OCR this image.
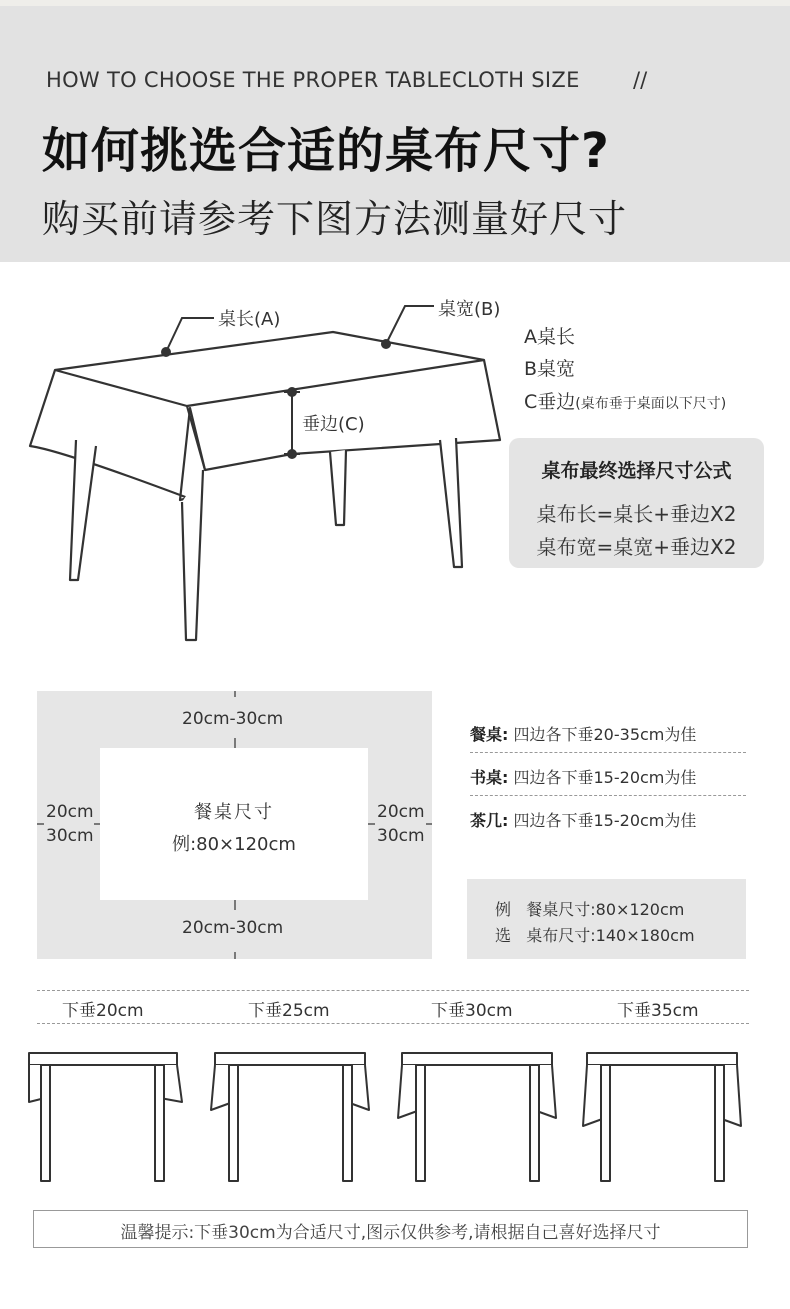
HOW TO CHOOSE THE PROPER TABLECLOTH SIZE	//
如何挑选合适的桌布尺寸?
购买前请参考下图方法测量好尺寸
桌长(A)	桌宽(B)
垂边(C)
A桌长
B桌宽
C垂边(桌布垂于桌面以下尺寸)
桌布最终选择尺寸公式
桌布长=桌长+垂边X2
桌布宽=桌宽+垂边X2
20cm-30cm
20cm-30cm
20cm
30cm
20cm
30cm
餐桌尺寸
例:80×120cm
餐桌: 四边各下垂20-35cm为佳
书桌: 四边各下垂15-20cm为佳
茶几: 四边各下垂15-20cm为佳
例 餐桌尺寸:80×120cm
选 桌布尺寸:140×180cm
下垂20cm	下垂25cm	下垂30cm	下垂35cm
温馨提示:下垂30cm为合适尺寸,图示仅供参考,请根据自己喜好选择尺寸
